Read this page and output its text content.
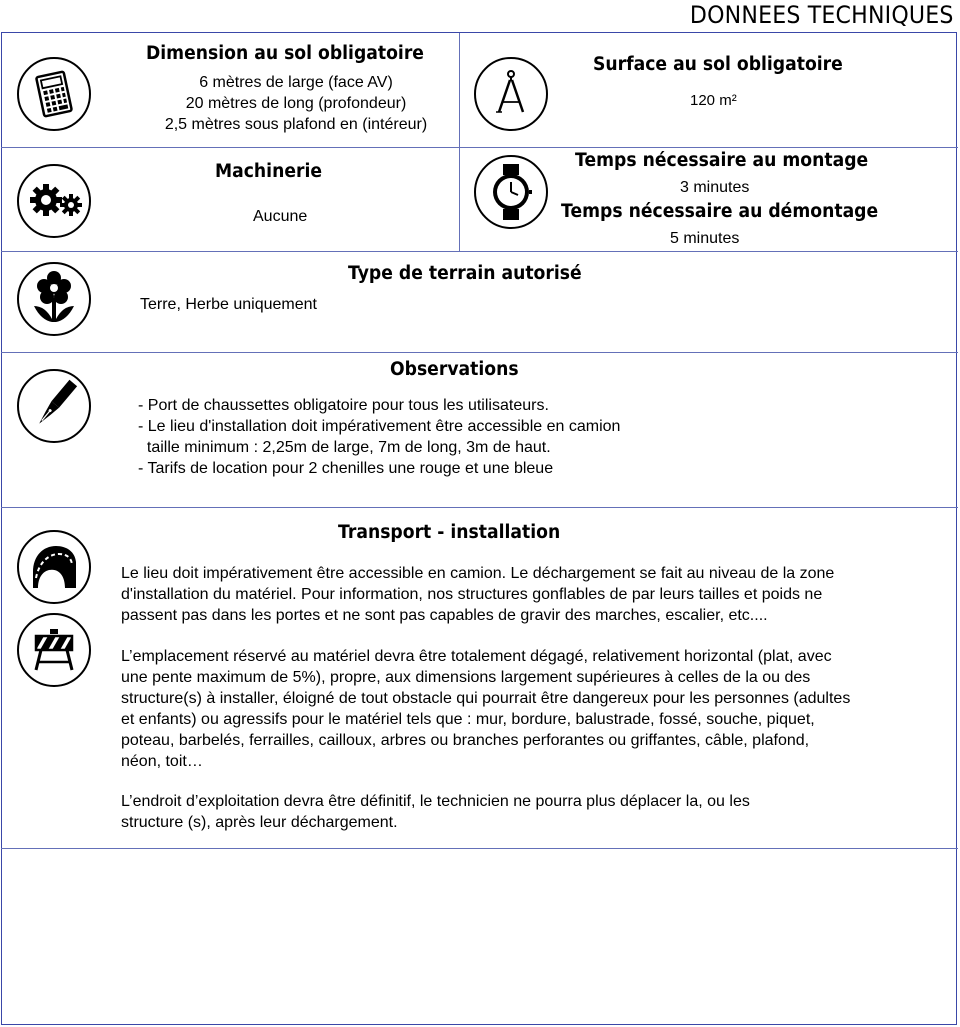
DONNEES TECHNIQUES
Dimension au sol obligatoire
6 mètres de large (face AV)
20 mètres de long (profondeur)
2,5 mètres sous plafond en (intéreur)
Surface au sol obligatoire
120 m²
Machinerie
Aucune
Temps nécessaire au montage
3 minutes
Temps nécessaire au démontage
5 minutes
Type de terrain autorisé
Terre, Herbe uniquement
Observations
- Port de chaussettes obligatoire pour tous les utilisateurs.
- Le lieu d'installation doit impérativement être accessible en camion
taille minimum : 2,25m de large, 7m de long, 3m de haut.
- Tarifs de location pour 2 chenilles une rouge et une bleue
Transport - installation
Le lieu doit impérativement être accessible en camion. Le déchargement se fait au niveau de la zone
d'installation du matériel. Pour information, nos structures gonflables de par leurs tailles et poids ne
passent pas dans les portes et ne sont pas capables de gravir des marches, escalier, etc....
L’emplacement réservé au matériel devra être totalement dégagé, relativement horizontal (plat, avec
une pente maximum de 5%), propre, aux dimensions largement supérieures à celles de la ou des
structure(s) à installer, éloigné de tout obstacle qui pourrait être dangereux pour les personnes (adultes
et enfants) ou agressifs pour le matériel tels que : mur, bordure, balustrade, fossé, souche, piquet,
poteau, barbelés, ferrailles, cailloux, arbres ou branches perforantes ou griffantes, câble, plafond,
néon, toit…
L’endroit d’exploitation devra être définitif, le technicien ne pourra plus déplacer la, ou les
structure (s), après leur déchargement.
